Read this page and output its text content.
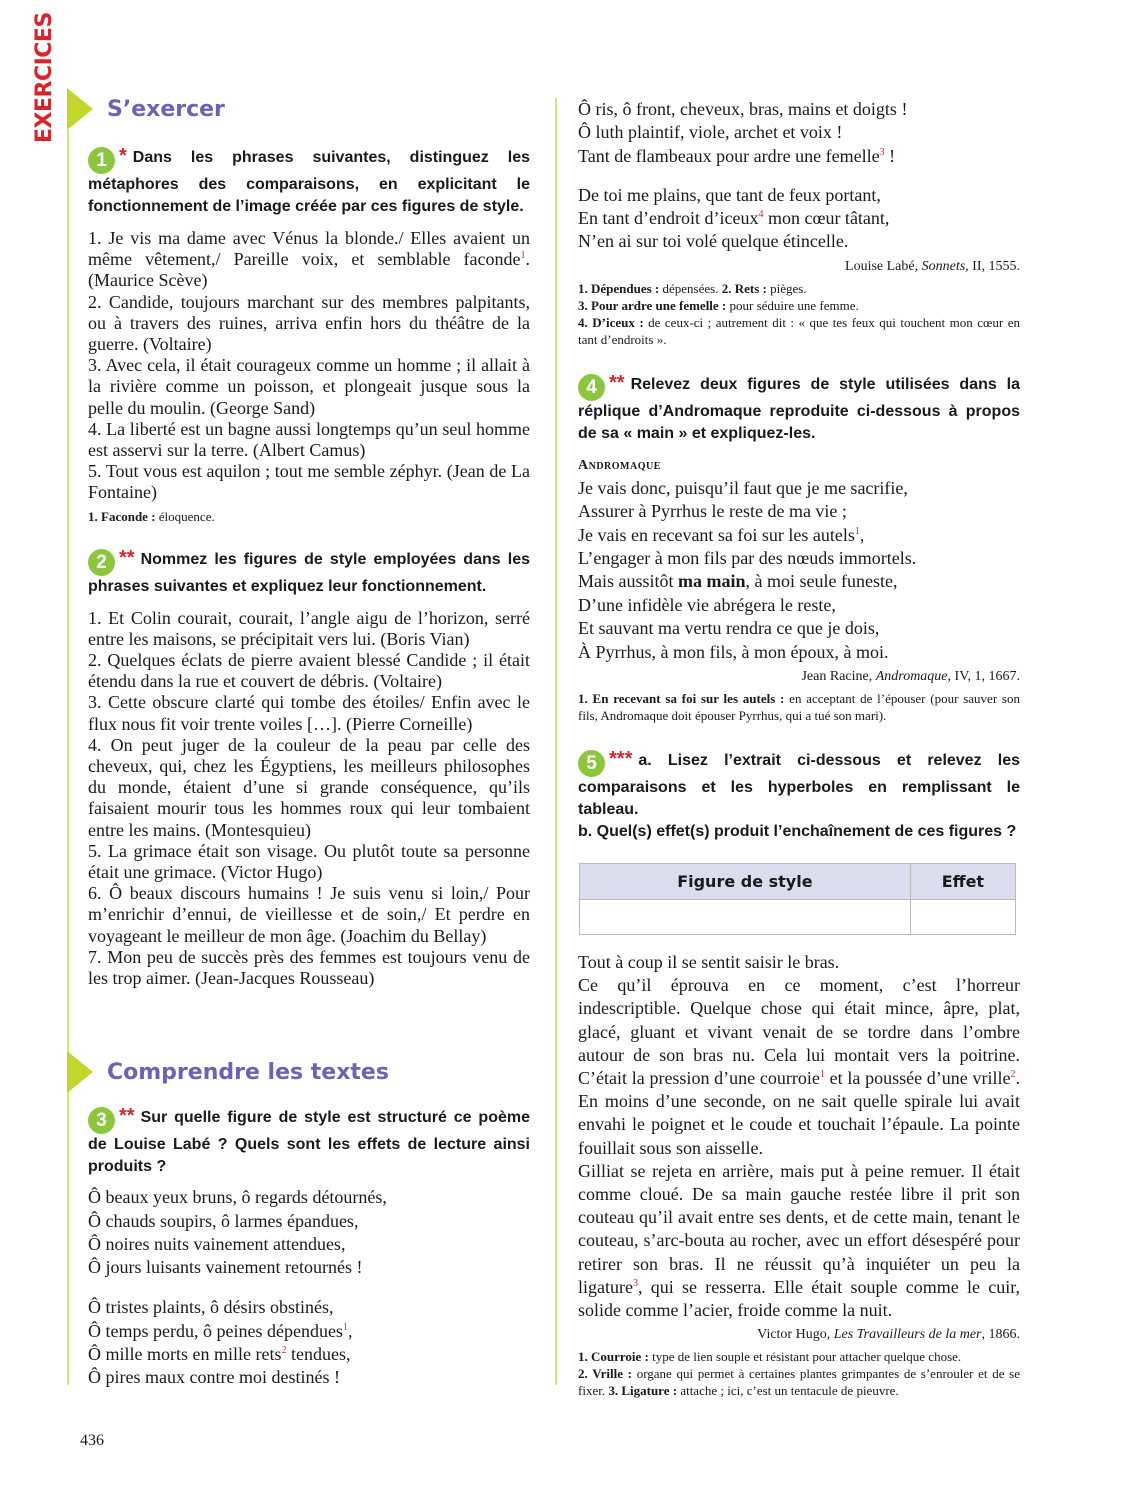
EXERCICES	S’exercer
1 * Dans les phrases suivantes, distinguez les métaphores des comparaisons, en explicitant le fonctionnement de l’image créée par ces figures de style.

1. Je vis ma dame avec Vénus la blonde./ Elles avaient un même vêtement,/ Pareille voix, et semblable faconde$^1$. (Maurice Scève)

2. Candide, toujours marchant sur des membres palpitants, ou à travers des ruines, arriva enfin hors du théâtre de la guerre. (Voltaire)

3. Avec cela, il était courageux comme un homme ; il allait à la rivière comme un poisson, et plongeait jusque sous la pelle du moulin. (George Sand)

4. La liberté est un bagne aussi longtemps qu’un seul homme est asservi sur la terre. (Albert Camus)

5. Tout vous est aquilon ; tout me semble zéphyr. (Jean de La Fontaine)

1. Faconde : éloquence.
2 ** Nommez les figures de style employées dans les phrases suivantes et expliquez leur fonctionnement.

1. Et Colin courait, courait, l’angle aigu de l’horizon, serré entre les maisons, se précipitait vers lui. (Boris Vian)

2. Quelques éclats de pierre avaient blessé Candide ; il était étendu dans la rue et couvert de débris. (Voltaire)

3. Cette obscure clarté qui tombe des étoiles/ Enfin avec le flux nous fit voir trente voiles […]. (Pierre Corneille)

4. On peut juger de la couleur de la peau par celle des cheveux, qui, chez les Égyptiens, les meilleurs philosophes du monde, étaient d’une si grande conséquence, qu’ils faisaient mourir tous les hommes roux qui leur tombaient entre les mains. (Montesquieu)

5. La grimace était son visage. Ou plutôt toute sa personne était une grimace. (Victor Hugo)

6. Ô beaux discours humains ! Je suis venu si loin,/ Pour m’enrichir d’ennui, de vieillesse et de soin,/ Et perdre en voyageant le meilleur de mon âge. (Joachim du Bellay)

7. Mon peu de succès près des femmes est toujours venu de les trop aimer. (Jean-Jacques Rousseau)

Comprendre les textes
3 ** Sur quelle figure de style est structuré ce poème de Louise Labé ? Quels sont les effets de lecture ainsi produits ?
Ô beaux yeux bruns, ô regards détournés,
Ô chauds soupirs, ô larmes épandues,
Ô noires nuits vainement attendues,
Ô jours luisants vainement retournés !
Ô tristes plaints, ô désirs obstinés,
Ô temps perdu, ô peines dépendues$^1$,
Ô mille morts en mille rets$^2$ tendues,
Ô pires maux contre moi destinés !
Ô ris, ô front, cheveux, bras, mains et doigts !
Ô luth plaintif, viole, archet et voix !
Tant de flambeaux pour ardre une femelle$^3$ !
De toi me plains, que tant de feux portant,
En tant d’endroit d’iceux$^4$ mon cœur tâtant,
N’en ai sur toi volé quelque étincelle.
Louise Labé, Sonnets, II, 1555.
1. Dépendues : dépensées. 2. Rets : pièges.
3. Pour ardre une femelle : pour séduire une femme.
4. D’iceux : de ceux-ci ; autrement dit : « que tes feux qui touchent mon cœur en tant d’endroits ».
4 ** Relevez deux figures de style utilisées dans la réplique d’Andromaque reproduite ci-dessous à propos de sa « main » et expliquez-les.
Andromaque
Je vais donc, puisqu’il faut que je me sacrifie,
Assurer à Pyrrhus le reste de ma vie ;
Je vais en recevant sa foi sur les autels$^1$,
L’engager à mon fils par des nœuds immortels.
Mais aussitôt ma main, à moi seule funeste,
D’une infidèle vie abrégera le reste,
Et sauvant ma vertu rendra ce que je dois,
À Pyrrhus, à mon fils, à mon époux, à moi.
Jean Racine, Andromaque, IV, 1, 1667.
1. En recevant sa foi sur les autels : en acceptant de l’épouser (pour sauver son fils, Andromaque doit épouser Pyrrhus, qui a tué son mari).
5 *** a. Lisez l’extrait ci-dessous et relevez les comparaisons et les hyperboles en remplissant le tableau.
b. Quel(s) effet(s) produit l’enchaînement de ces figures ?
Figure de style	Effet

Tout à coup il se sentit saisir le bras.

Ce qu’il éprouva en ce moment, c’est l’horreur indescriptible. Quelque chose qui était mince, âpre, plat, glacé, gluant et vivant venait de se tordre dans l’ombre autour de son bras nu. Cela lui montait vers la poitrine. C’était la pression d’une courroie$^1$ et la poussée d’une vrille$^2$. En moins d’une seconde, on ne sait quelle spirale lui avait envahi le poignet et le coude et touchait l’épaule. La pointe fouillait sous son aisselle.

Gilliat se rejeta en arrière, mais put à peine remuer. Il était comme cloué. De sa main gauche restée libre il prit son couteau qu’il avait entre ses dents, et de cette main, tenant le couteau, s’arc-bouta au rocher, avec un effort désespéré pour retirer son bras. Il ne réussit qu’à inquiéter un peu la ligature$^3$, qui se resserra. Elle était souple comme le cuir, solide comme l’acier, froide comme la nuit.

Victor Hugo, Les Travailleurs de la mer, 1866.
1. Courroie : type de lien souple et résistant pour attacher quelque chose.
2. Vrille : organe qui permet à certaines plantes grimpantes de s’enrouler et de se fixer. 3. Ligature : attache ; ici, c’est un tentacule de pieuvre.
436
